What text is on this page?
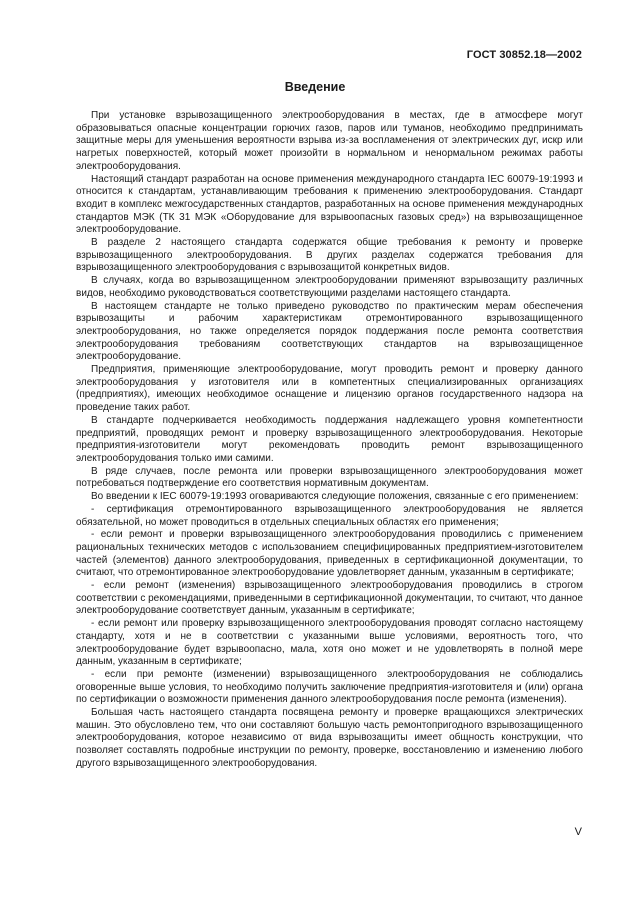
ГОСТ 30852.18—2002
Введение

При установке взрывозащищенного электрооборудования в местах, где в атмосфере могут образовываться опасные концентрации горючих газов, паров или туманов, необходимо предпринимать защитные меры для уменьшения вероятности взрыва из-за воспламенения от электрических дуг, искр или нагретых поверхностей, который может произойти в нормальном и ненормальном режимах работы электрооборудования.

Настоящий стандарт разработан на основе применения международного стандарта IEC 60079-19:1993 и относится к стандартам, устанавливающим требования к применению электрооборудования. Стандарт входит в комплекс межгосударственных стандартов, разработанных на основе применения международных стандартов МЭК (ТК 31 МЭК «Оборудование для взрывоопасных газовых сред») на взрывозащищенное электрооборудование.

В разделе 2 настоящего стандарта содержатся общие требования к ремонту и проверке взрывозащищенного электрооборудования. В других разделах содержатся требования для взрывозащищенного электрооборудования с взрывозащитой конкретных видов.

В случаях, когда во взрывозащищенном электрооборудовании применяют взрывозащиту различных видов, необходимо руководствоваться соответствующими разделами настоящего стандарта.

В настоящем стандарте не только приведено руководство по практическим мерам обеспечения взрывозащиты и рабочим характеристикам отремонтированного взрывозащищенного электрооборудования, но также определяется порядок поддержания после ремонта соответствия электрооборудования требованиям соответствующих стандартов на взрывозащищенное электрооборудование.

Предприятия, применяющие электрооборудование, могут проводить ремонт и проверку данного электрооборудования у изготовителя или в компетентных специализированных организациях (предприятиях), имеющих необходимое оснащение и лицензию органов государственного надзора на проведение таких работ.

В стандарте подчеркивается необходимость поддержания надлежащего уровня компетентности предприятий, проводящих ремонт и проверку взрывозащищенного электрооборудования. Некоторые предприятия-изготовители могут рекомендовать проводить ремонт взрывозащищенного электрооборудования только ими самими.

В ряде случаев, после ремонта или проверки взрывозащищенного электрооборудования может потребоваться подтверждение его соответствия нормативным документам.

Во введении к IEC 60079-19:1993 оговариваются следующие положения, связанные с его применением:

- сертификация отремонтированного взрывозащищенного электрооборудования не является обязательной, но может проводиться в отдельных специальных областях его применения;

- если ремонт и проверки взрывозащищенного электрооборудования проводились с применением рациональных технических методов с использованием специфицированных предприятием-изготовителем частей (элементов) данного электрооборудования, приведенных в сертификационной документации, то считают, что отремонтированное электрооборудование удовлетворяет данным, указанным в сертификате;

- если ремонт (изменения) взрывозащищенного электрооборудования проводились в строгом соответствии с рекомендациями, приведенными в сертификационной документации, то считают, что данное электрооборудование соответствует данным, указанным в сертификате;

- если ремонт или проверку взрывозащищенного электрооборудования проводят согласно настоящему стандарту, хотя и не в соответствии с указанными выше условиями, вероятность того, что электрооборудование будет взрывоопасно, мала, хотя оно может и не удовлетворять в полной мере данным, указанным в сертификате;

- если при ремонте (изменении) взрывозащищенного электрооборудования не соблюдались оговоренные выше условия, то необходимо получить заключение предприятия-изготовителя и (или) органа по сертификации о возможности применения данного электрооборудования после ремонта (изменения).

Большая часть настоящего стандарта посвящена ремонту и проверке вращающихся электрических машин. Это обусловлено тем, что они составляют большую часть ремонтопригодного взрывозащищенного электрооборудования, которое независимо от вида взрывозащиты имеет общность конструкции, что позволяет составлять подробные инструкции по ремонту, проверке, восстановлению и изменению любого другого взрывозащищенного электрооборудования.

V
